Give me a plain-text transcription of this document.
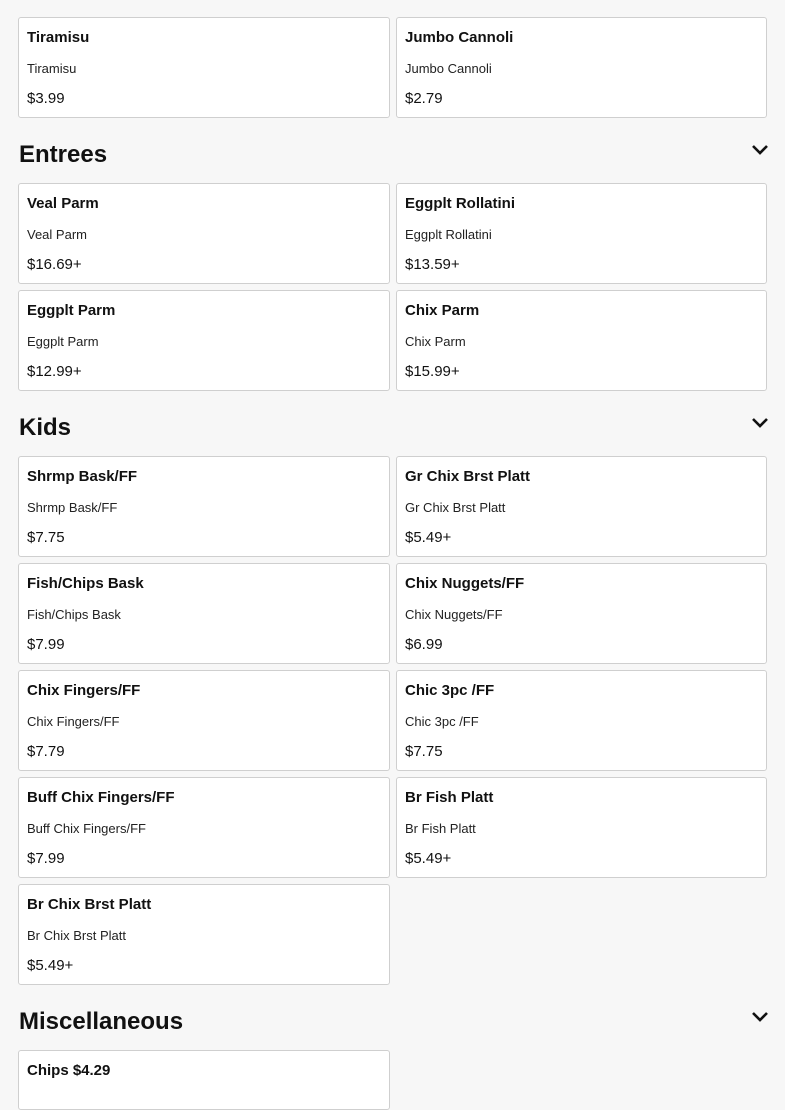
Tiramisu
Tiramisu
$3.99
Jumbo Cannoli
Jumbo Cannoli
$2.79
Entrees
Veal Parm
Veal Parm
$16.69+
Eggplt Rollatini
Eggplt Rollatini
$13.59+
Eggplt Parm
Eggplt Parm
$12.99+
Chix Parm
Chix Parm
$15.99+
Kids
Shrmp Bask/FF
Shrmp Bask/FF
$7.75
Gr Chix Brst Platt
Gr Chix Brst Platt
$5.49+
Fish/Chips Bask
Fish/Chips Bask
$7.99
Chix Nuggets/FF
Chix Nuggets/FF
$6.99
Chix Fingers/FF
Chix Fingers/FF
$7.79
Chic 3pc /FF
Chic 3pc /FF
$7.75
Buff Chix Fingers/FF
Buff Chix Fingers/FF
$7.99
Br Fish Platt
Br Fish Platt
$5.49+
Br Chix Brst Platt
Br Chix Brst Platt
$5.49+
Miscellaneous
Chips $4.29
